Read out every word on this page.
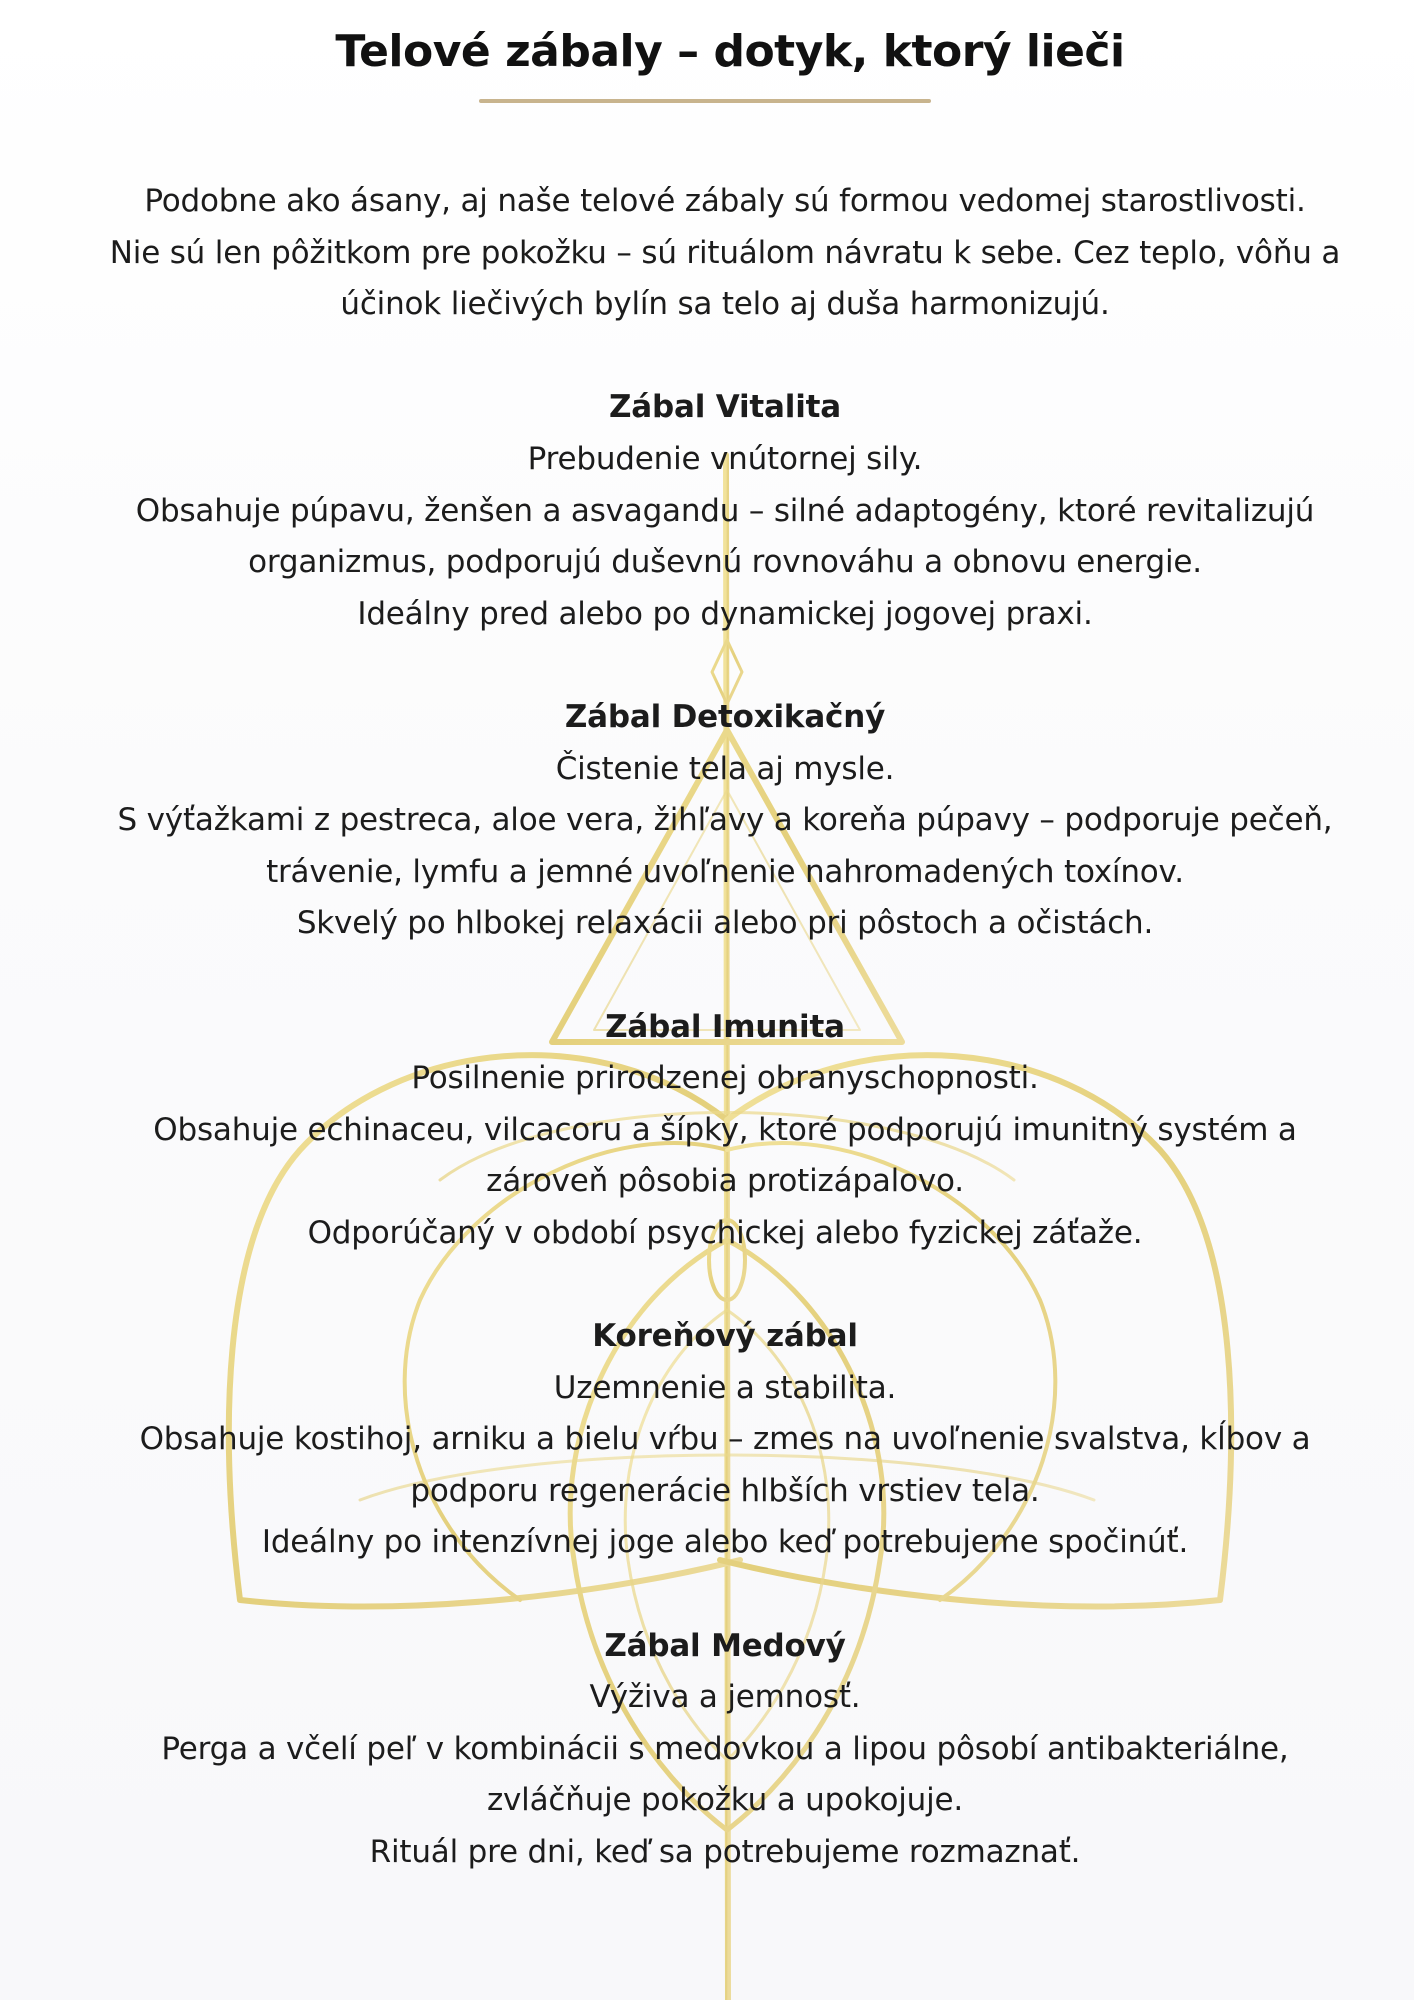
Telové zábaly – dotyk, ktorý lieči

Podobne ako ásany, aj naše telové zábaly sú formou vedomej starostlivosti.

Nie sú len pôžitkom pre pokožku – sú rituálom návratu k sebe. Cez teplo, vôňu a

účinok liečivých bylín sa telo aj duša harmonizujú.

Zábal Vitalita

Prebudenie vnútornej sily.

Obsahuje púpavu, ženšen a asvagandu – silné adaptogény, ktoré revitalizujú

organizmus, podporujú duševnú rovnováhu a obnovu energie.

Ideálny pred alebo po dynamickej jogovej praxi.

Zábal Detoxikačný

Čistenie tela aj mysle.

S výťažkami z pestreca, aloe vera, žihľavy a koreňa púpavy – podporuje pečeň,

trávenie, lymfu a jemné uvoľnenie nahromadených toxínov.

Skvelý po hlbokej relaxácii alebo pri pôstoch a očistách.

Zábal Imunita

Posilnenie prirodzenej obranyschopnosti.

Obsahuje echinaceu, vilcacoru a šípky, ktoré podporujú imunitný systém a

zároveň pôsobia protizápalovo.

Odporúčaný v období psychickej alebo fyzickej záťaže.

Koreňový zábal

Uzemnenie a stabilita.

Obsahuje kostihoj, arniku a bielu vŕbu – zmes na uvoľnenie svalstva, kĺbov a

podporu regenerácie hlbších vrstiev tela.

Ideálny po intenzívnej joge alebo keď potrebujeme spočinúť.

Zábal Medový

Výživa a jemnosť.

Perga a včelí peľ v kombinácii s medovkou a lipou pôsobí antibakteriálne,

zvláčňuje pokožku a upokojuje.

Rituál pre dni, keď sa potrebujeme rozmaznať.
